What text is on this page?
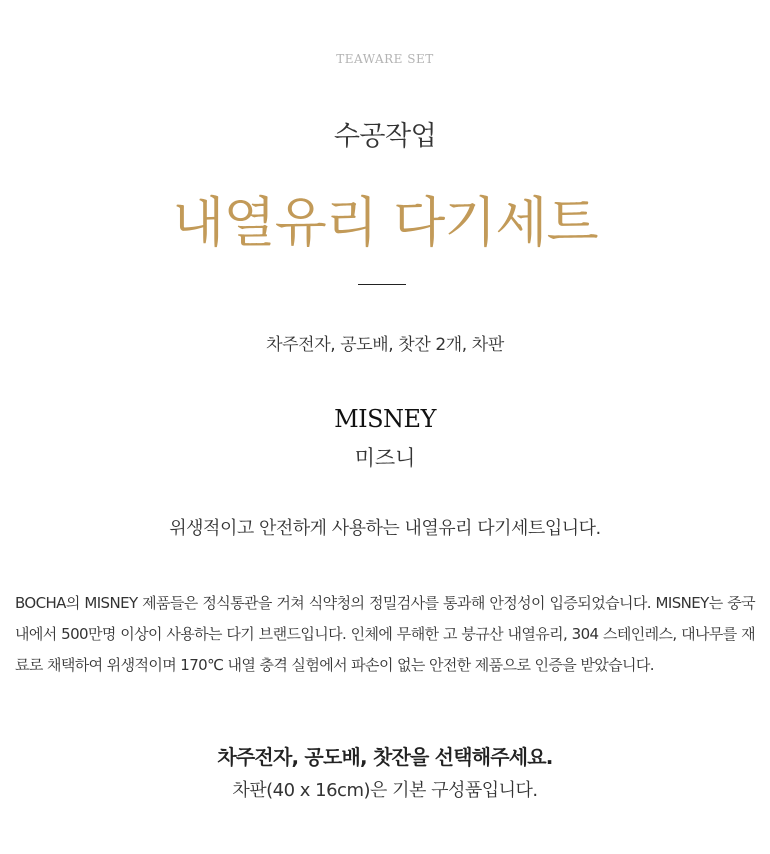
TEAWARE SET
수공작업
내열유리 다기세트
차주전자, 공도배, 찻잔 2개, 차판
MISNEY
미즈니
위생적이고 안전하게 사용하는 내열유리 다기세트입니다.
BOCHA의 MISNEY 제품들은 정식통관을 거쳐 식약청의 정밀검사를 통과해 안정성이 입증되었습니다. MISNEY는 중국 내에서 500만명 이상이 사용하는 다기 브랜드입니다. 인체에 무해한 고 붕규산 내열유리, 304 스테인레스, 대나무를 재료로 채택하여 위생적이며 170℃ 내열 충격 실험에서 파손이 없는 안전한 제품으로 인증을 받았습니다.
차주전자, 공도배, 찻잔을 선택해주세요.
차판(40 x 16cm)은 기본 구성품입니다.
